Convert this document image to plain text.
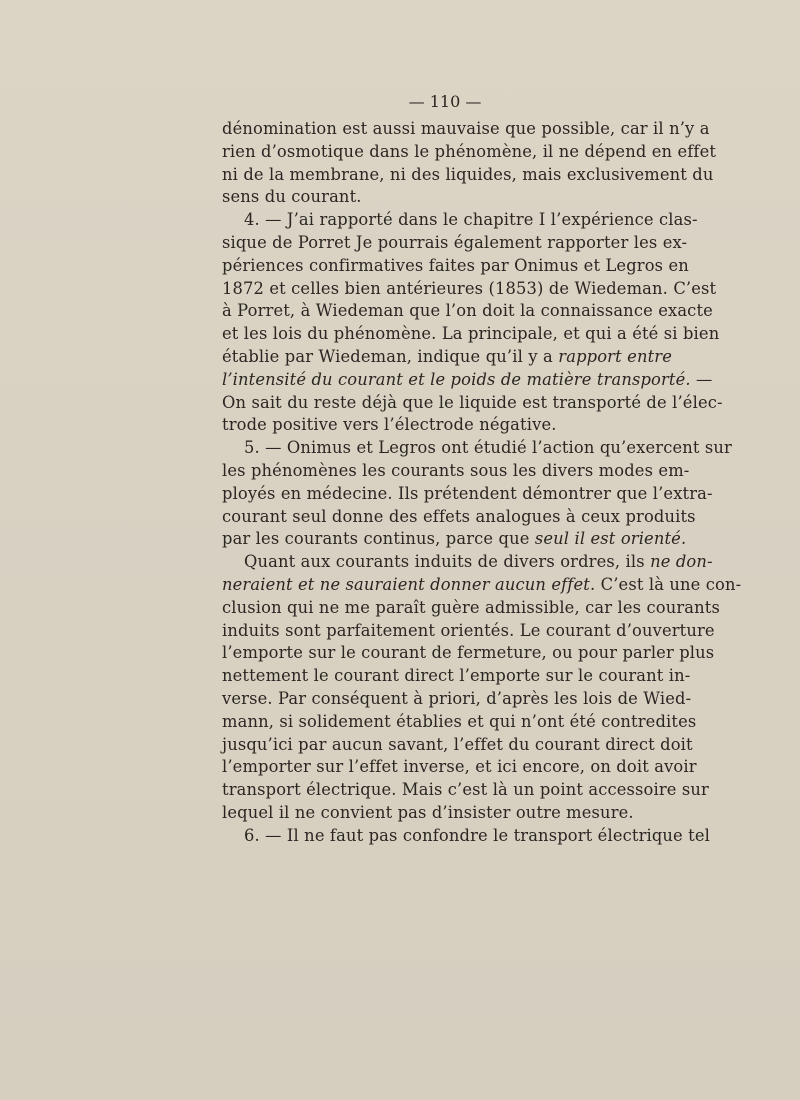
— 110 —
dénomination est aussi mauvaise que possible, car il n’y a
rien d’osmotique dans le phénomène, il ne dépend en effet
ni de la membrane, ni des liquides, mais exclusivement du
sens du courant.
4. — J’ai rapporté dans le chapitre I l’expérience clas-
sique de Porret Je pourrais également rapporter les ex-
périences confirmatives faites par Onimus et Legros en
1872 et celles bien antérieures (1853) de Wiedeman. C’est
à Porret, à Wiedeman que l’on doit la connaissance exacte
et les lois du phénomène. La principale, et qui a été si bien
établie par Wiedeman, indique qu’il y a rapport entre
l’intensité du courant et le poids de matière transporté. —
On sait du reste déjà que le liquide est transporté de l’élec-
trode positive vers l’électrode négative.
5. — Onimus et Legros ont étudié l’action qu’exercent sur
les phénomènes les courants sous les divers modes em-
ployés en médecine. Ils prétendent démontrer que l’extra-
courant seul donne des effets analogues à ceux produits
par les courants continus, parce que seul il est orienté.
Quant aux courants induits de divers ordres, ils ne don-
neraient et ne sauraient donner aucun effet. C’est là une con-
clusion qui ne me paraît guère admissible, car les courants
induits sont parfaitement orientés. Le courant d’ouverture
l’emporte sur le courant de fermeture, ou pour parler plus
nettement le courant direct l’emporte sur le courant in-
verse. Par conséquent à priori, d’après les lois de Wied-
mann, si solidement établies et qui n’ont été contredites
jusqu’ici par aucun savant, l’effet du courant direct doit
l’emporter sur l’effet inverse, et ici encore, on doit avoir
transport électrique. Mais c’est là un point accessoire sur
lequel il ne convient pas d’insister outre mesure.
6. — Il ne faut pas confondre le transport électrique tel
